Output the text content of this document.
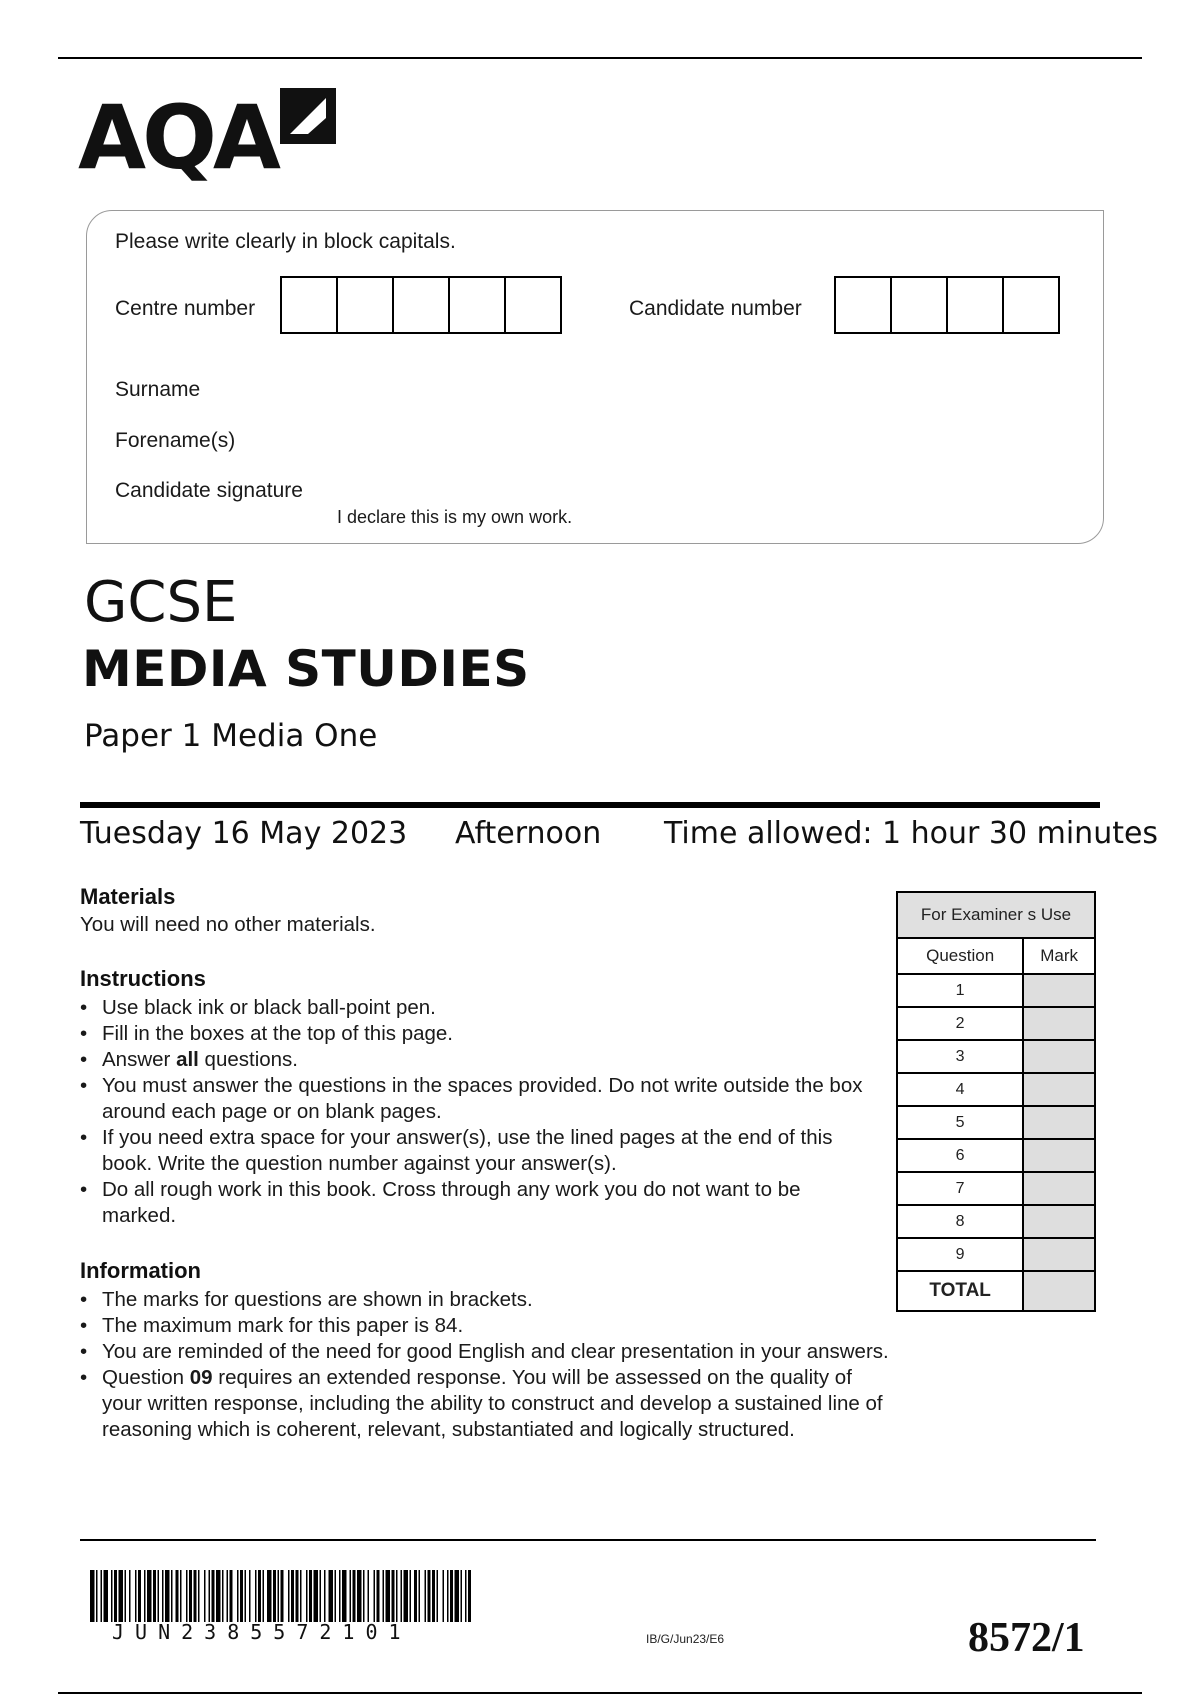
AQA
Please write clearly in block capitals.
Centre number	Candidate number
Surname
Forename(s)
Candidate signature
I declare this is my own work.
GCSE
MEDIA STUDIES
Paper 1 Media One
Tuesday 16 May 2023 Afternoon Time allowed: 1 hour 30 minutes
Materials
You will need no other materials.
Instructions
• Use black ink or black ball-point pen.
• Fill in the boxes at the top of this page.
• Answer all questions.
• You must answer the questions in the spaces provided. Do not write outside the box around each page or on blank pages.
• If you need extra space for your answer(s), use the lined pages at the end of this book. Write the question number against your answer(s).
• Do all rough work in this book. Cross through any work you do not want to be marked.
Information
• The marks for questions are shown in brackets.
• The maximum mark for this paper is 84.
• You are reminded of the need for good English and clear presentation in your answers.
• Question 09 requires an extended response. You will be assessed on the quality of your written response, including the ability to construct and develop a sustained line of reasoning which is coherent, relevant, substantiated and logically structured.
For Examiner s Use	
Question	Mark
1	
2	
3	
4	
5	
6	
7	
8	
9	
TOTAL	
JUN2385572101	IB/G/Jun23/E6	8572/1
